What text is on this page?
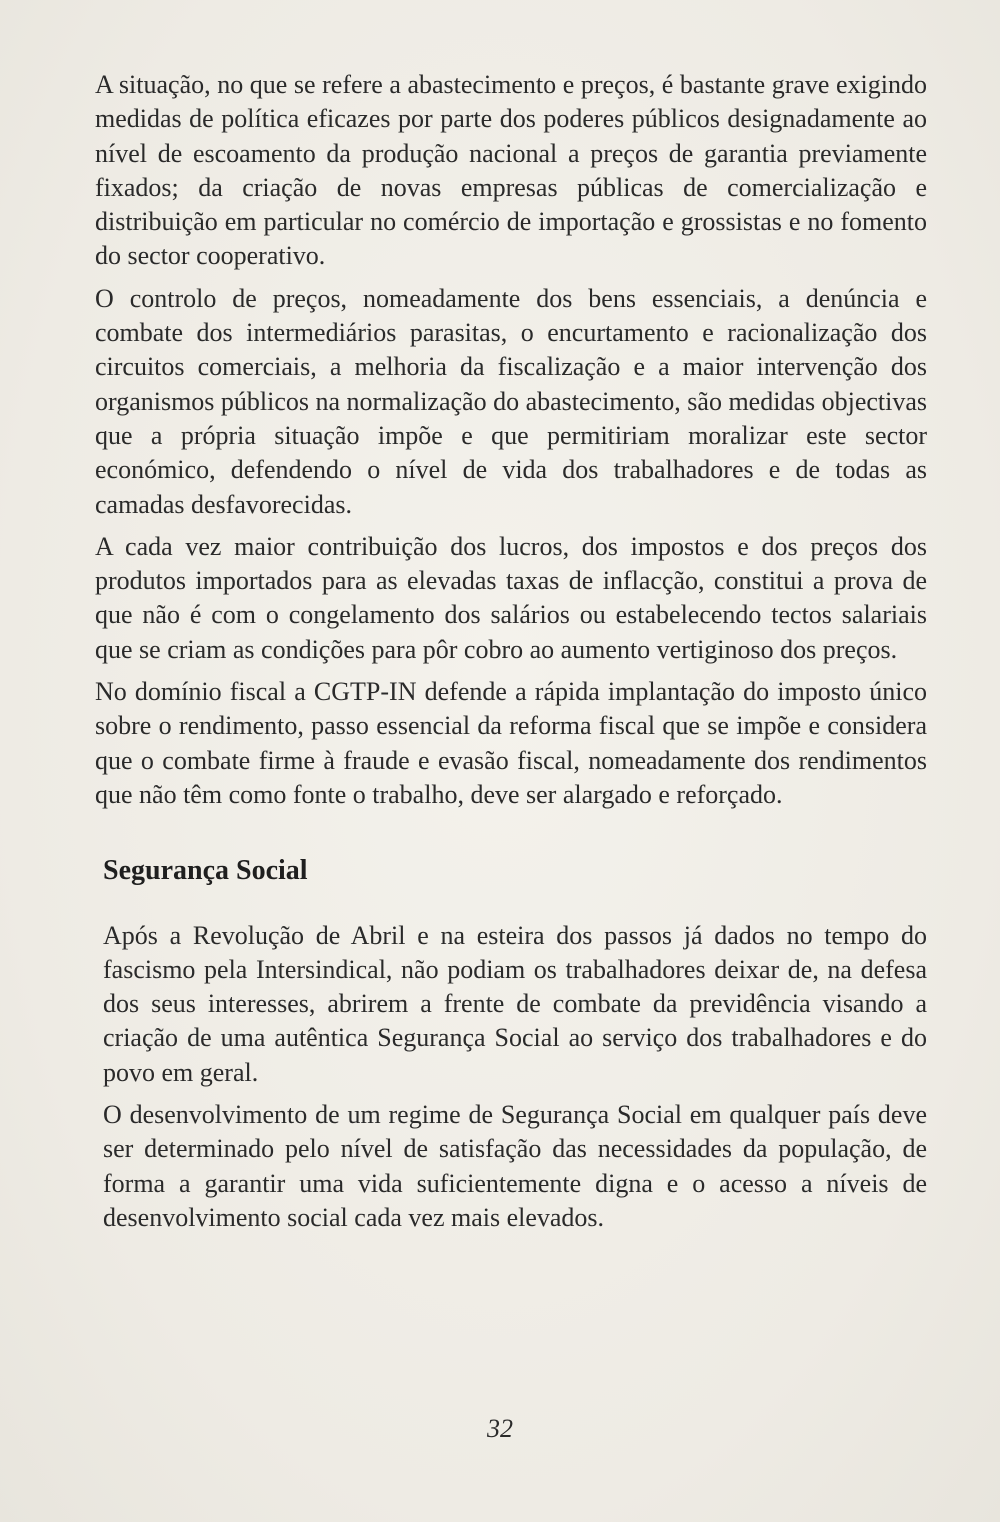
A situação, no que se refere a abastecimento e preços, é bastante grave exigindo medidas de política eficazes por parte dos poderes públicos designadamente ao nível de escoamento da produção nacional a preços de garantia previamente fixados; da criação de novas empresas públicas de comercialização e distribuição em particular no comércio de importação e grossistas e no fomento do sector cooperativo.

O controlo de preços, nomeadamente dos bens essenciais, a denúncia e combate dos intermediários parasitas, o encurtamento e racionalização dos circuitos comerciais, a melhoria da fiscalização e a maior intervenção dos organismos públicos na normalização do abastecimento, são medidas objectivas que a própria situação impõe e que permitiriam moralizar este sector económico, defendendo o nível de vida dos trabalhadores e de todas as camadas desfavorecidas.

A cada vez maior contribuição dos lucros, dos impostos e dos preços dos produtos importados para as elevadas taxas de inflacção, constitui a prova de que não é com o congelamento dos salários ou estabelecendo tectos salariais que se criam as condições para pôr cobro ao aumento vertiginoso dos preços.

No domínio fiscal a CGTP-IN defende a rápida implantação do imposto único sobre o rendimento, passo essencial da reforma fiscal que se impõe e considera que o combate firme à fraude e evasão fiscal, nomeadamente dos rendimentos que não têm como fonte o trabalho, deve ser alargado e reforçado.

Segurança Social

Após a Revolução de Abril e na esteira dos passos já dados no tempo do fascismo pela Intersindical, não podiam os trabalhadores deixar de, na defesa dos seus interesses, abrirem a frente de combate da previdência visando a criação de uma autêntica Segurança Social ao serviço dos trabalhadores e do povo em geral.

O desenvolvimento de um regime de Segurança Social em qualquer país deve ser determinado pelo nível de satisfação das necessidades da população, de forma a garantir uma vida suficientemente digna e o acesso a níveis de desenvolvimento social cada vez mais elevados.

32
